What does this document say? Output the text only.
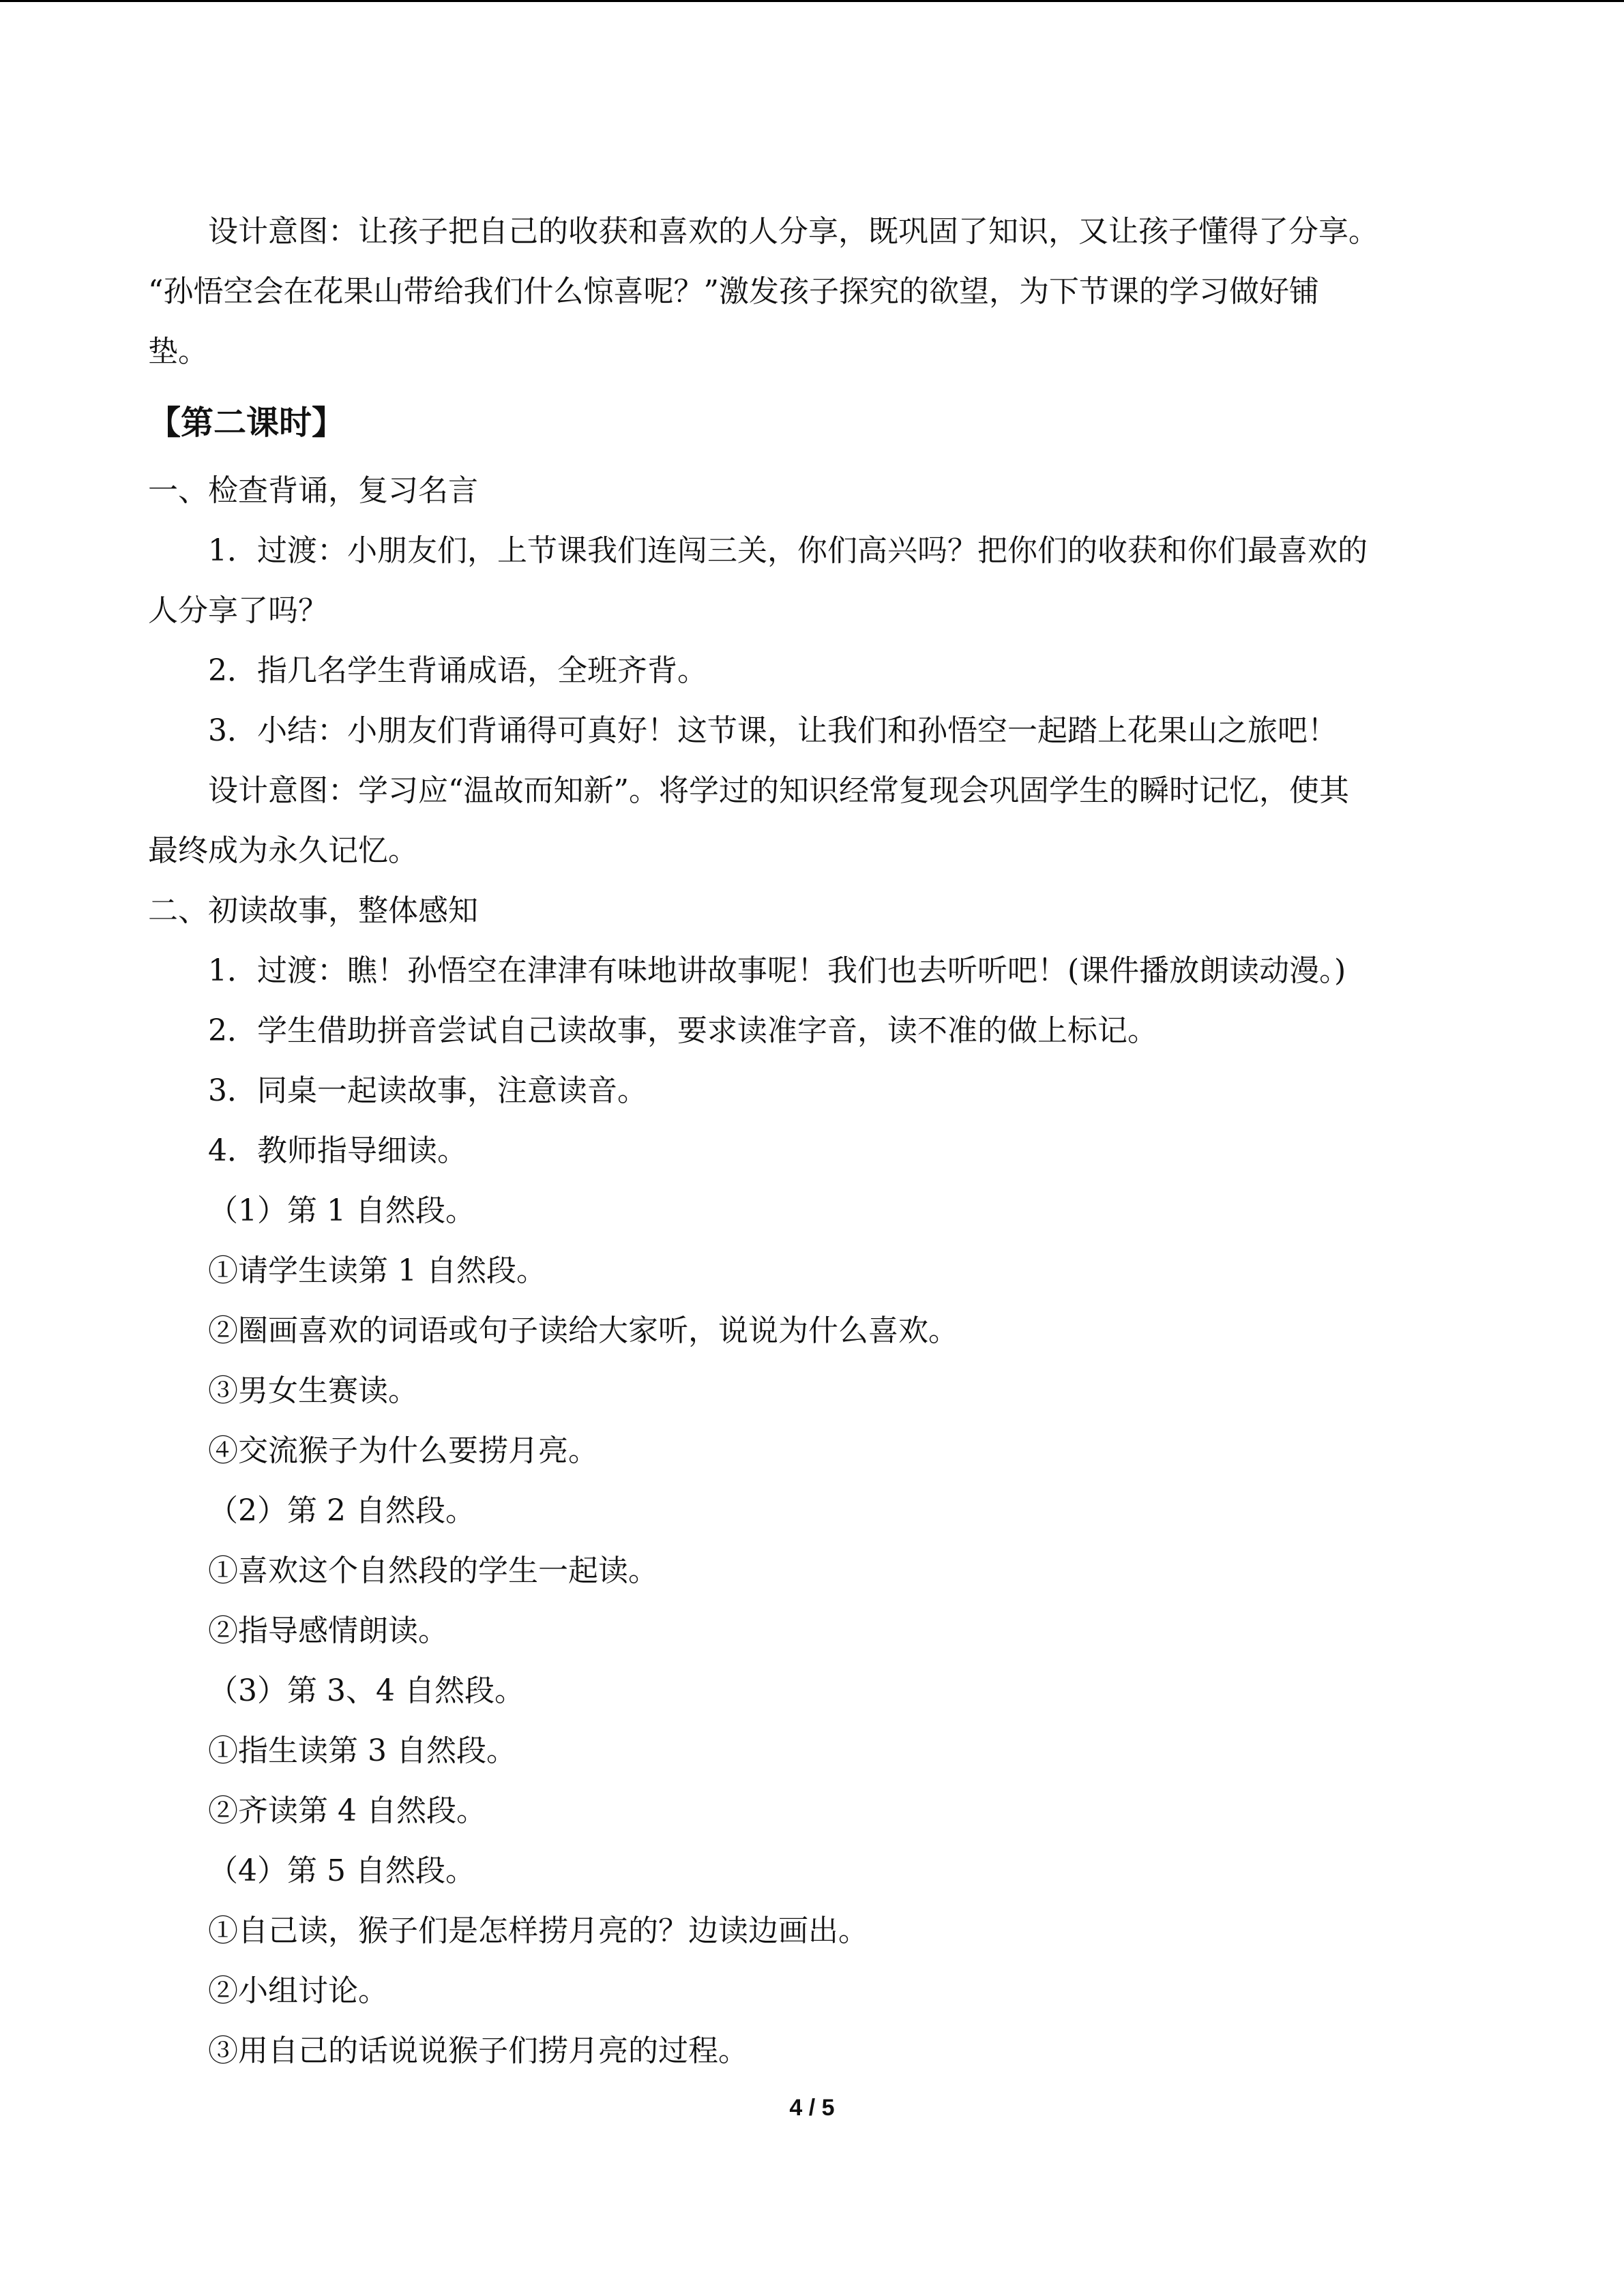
设计意图：让孩子把自己的收获和喜欢的人分享，既巩固了知识，又让孩子懂得了分享。

“孙悟空会在花果山带给我们什么惊喜呢？”激发孩子探究的欲望，为下节课的学习做好铺

垫。

【第二课时】

一、检查背诵，复习名言

1．过渡：小朋友们，上节课我们连闯三关，你们高兴吗？把你们的收获和你们最喜欢的

人分享了吗？

2．指几名学生背诵成语，全班齐背。

3．小结：小朋友们背诵得可真好！这节课，让我们和孙悟空一起踏上花果山之旅吧！

设计意图：学习应“温故而知新”。将学过的知识经常复现会巩固学生的瞬时记忆，使其

最终成为永久记忆。

二、初读故事，整体感知

1．过渡：瞧！孙悟空在津津有味地讲故事呢！我们也去听听吧！(课件播放朗读动漫。)

2．学生借助拼音尝试自己读故事，要求读准字音，读不准的做上标记。

3．同桌一起读故事，注意读音。

4．教师指导细读。

（1）第 1 自然段。

①请学生读第 1 自然段。

②圈画喜欢的词语或句子读给大家听，说说为什么喜欢。

③男女生赛读。

④交流猴子为什么要捞月亮。

（2）第 2 自然段。

①喜欢这个自然段的学生一起读。

②指导感情朗读。

（3）第 3、4 自然段。

①指生读第 3 自然段。

②齐读第 4 自然段。

（4）第 5 自然段。

①自己读，猴子们是怎样捞月亮的？边读边画出。

②小组讨论。

③用自己的话说说猴子们捞月亮的过程。

4 / 5
